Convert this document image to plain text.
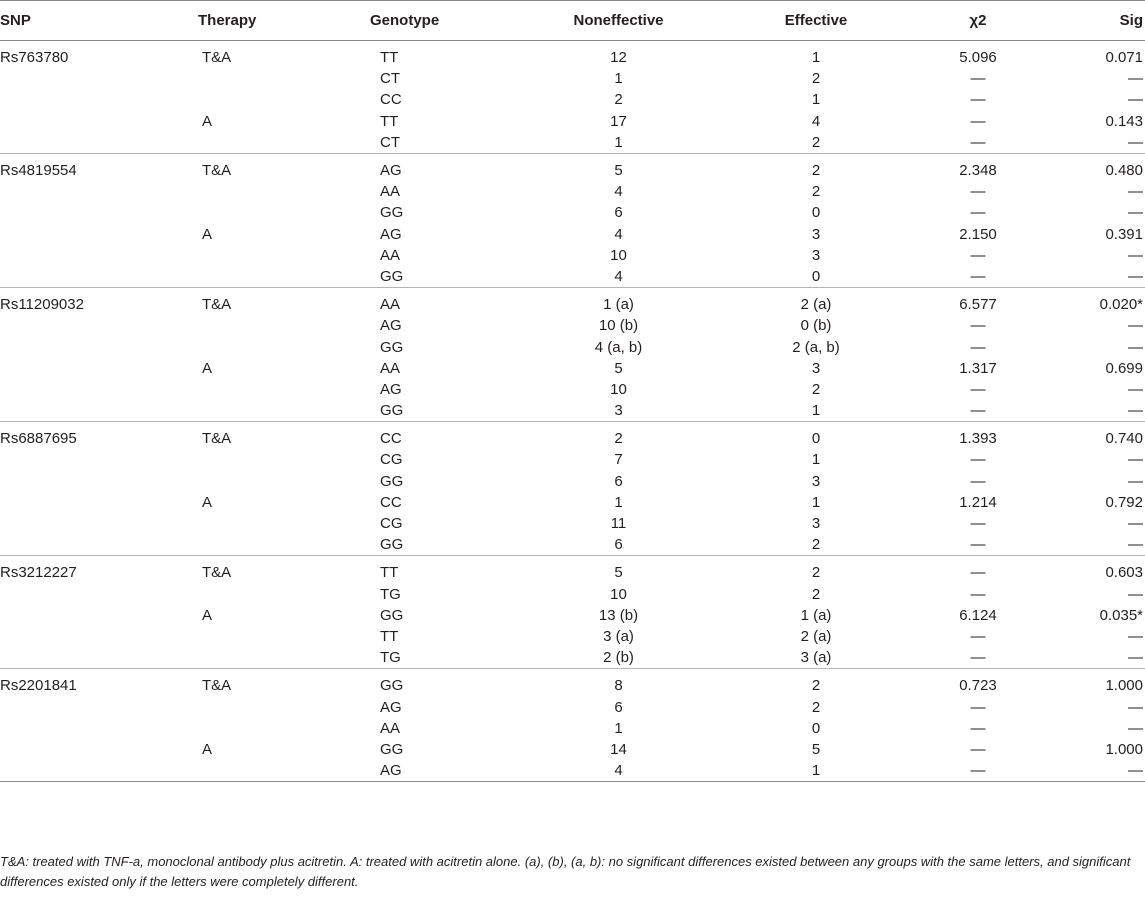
SNP	Therapy	Genotype	Noneffective	Effective	χ2	Sig

Rs763780	T&A	TT	12	1	5.096	0.071
		CT	1	2	—	—
		CC	2	1	—	—
	A	TT	17	4	—	0.143
		CT	1	2	—	—

Rs4819554	T&A	AG	5	2	2.348	0.480
		AA	4	2	—	—
		GG	6	0	—	—
	A	AG	4	3	2.150	0.391
		AA	10	3	—	—
		GG	4	0	—	—

Rs11209032	T&A	AA	1 (a)	2 (a)	6.577	0.020*
		AG	10 (b)	0 (b)	—	—
		GG	4 (a, b)	2 (a, b)	—	—
	A	AA	5	3	1.317	0.699
		AG	10	2	—	—
		GG	3	1	—	—

Rs6887695	T&A	CC	2	0	1.393	0.740
		CG	7	1	—	—
		GG	6	3	—	—
	A	CC	1	1	1.214	0.792
		CG	11	3	—	—
		GG	6	2	—	—

Rs3212227	T&A	TT	5	2	—	0.603
		TG	10	2	—	—
	A	GG	13 (b)	1 (a)	6.124	0.035*
		TT	3 (a)	2 (a)	—	—
		TG	2 (b)	3 (a)	—	—

Rs2201841	T&A	GG	8	2	0.723	1.000
		AG	6	2	—	—
		AA	1	0	—	—
	A	GG	14	5	—	1.000
		AG	4	1	—	—
T&A: treated with TNF-a, monoclonal antibody plus acitretin. A: treated with acitretin alone. (a), (b), (a, b): no significant differences existed between any groups with the same letters, and significant differences existed only if the letters were completely different.
